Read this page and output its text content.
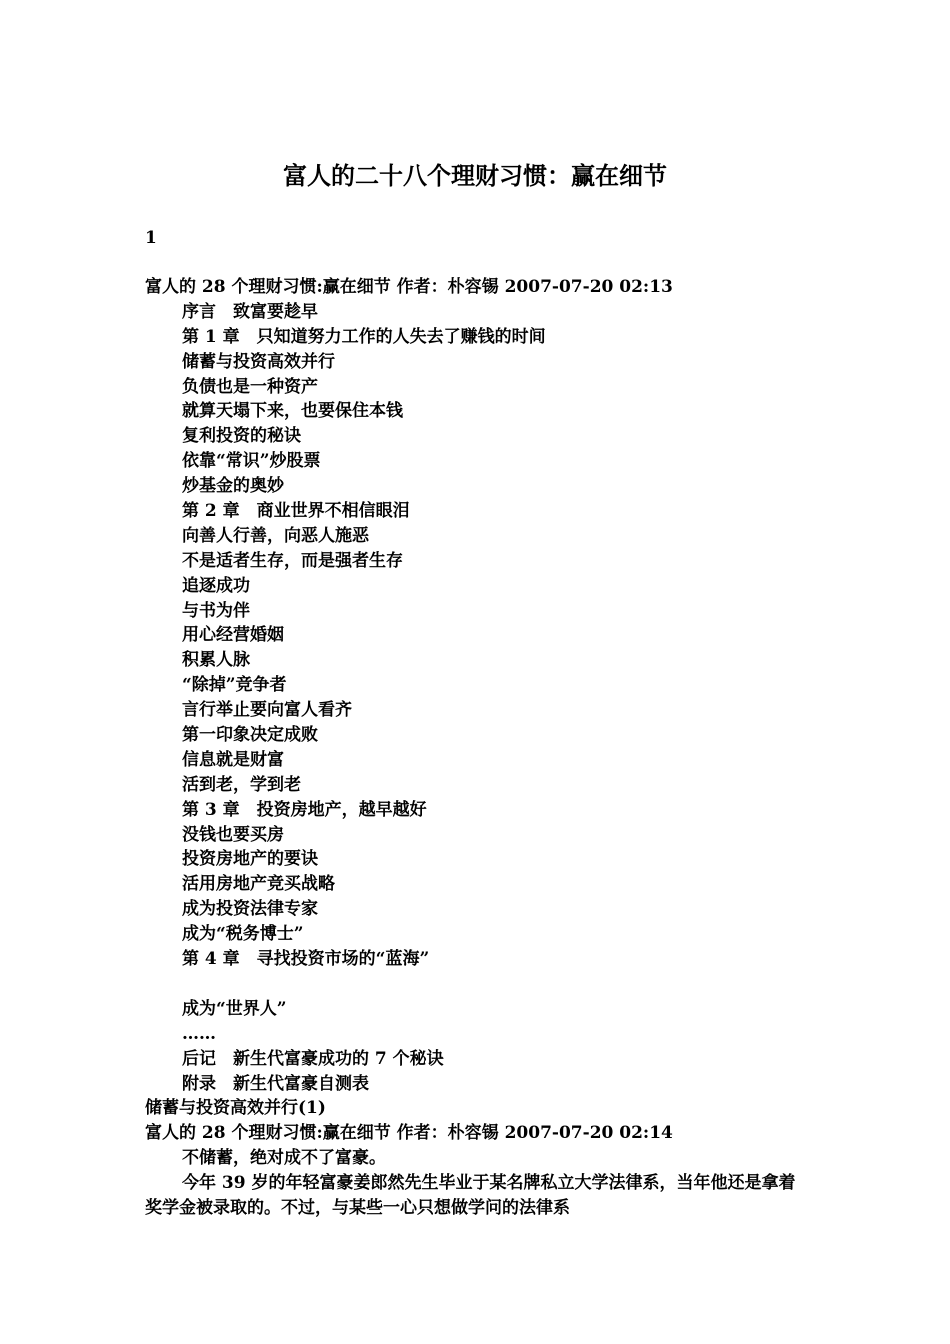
富人的二十八个理财习惯：赢在细节
1
富人的 28 个理财习惯:赢在细节 作者：朴容锡 2007-07-20 02:13
序言　致富要趁早
第 1 章　只知道努力工作的人失去了赚钱的时间
储蓄与投资高效并行
负债也是一种资产
就算天塌下来，也要保住本钱
复利投资的秘诀
依靠“常识”炒股票
炒基金的奥妙
第 2 章　商业世界不相信眼泪
向善人行善，向恶人施恶
不是适者生存，而是强者生存
追逐成功
与书为伴
用心经营婚姻
积累人脉
“除掉”竞争者
言行举止要向富人看齐
第一印象决定成败
信息就是财富
活到老，学到老
第 3 章　投资房地产，越早越好
没钱也要买房
投资房地产的要诀
活用房地产竞买战略
成为投资法律专家
成为“税务博士”
第 4 章　寻找投资市场的“蓝海”
成为“世界人”
……
后记　新生代富豪成功的 7 个秘诀
附录　新生代富豪自测表
储蓄与投资高效并行(1)
富人的 28 个理财习惯:赢在细节 作者：朴容锡 2007-07-20 02:14
不储蓄，绝对成不了富豪。
今年 39 岁的年轻富豪姜郎然先生毕业于某名牌私立大学法律系，当年他还是拿着奖学金被录取的。不过，与某些一心只想做学问的法律系
